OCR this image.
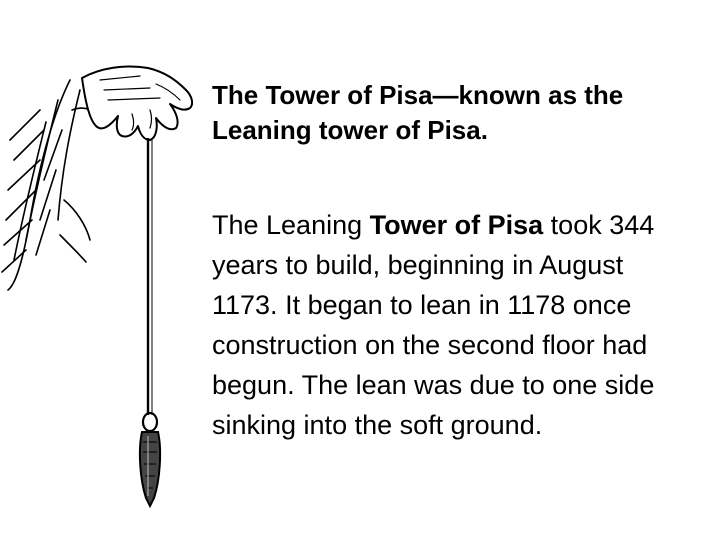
The Tower of Pisa—known as the Leaning tower of Pisa.

The Leaning Tower of Pisa took 344 years to build, beginning in August 1173. It began to lean in 1178 once construction on the second floor had begun. The lean was due to one side sinking into the soft ground.
